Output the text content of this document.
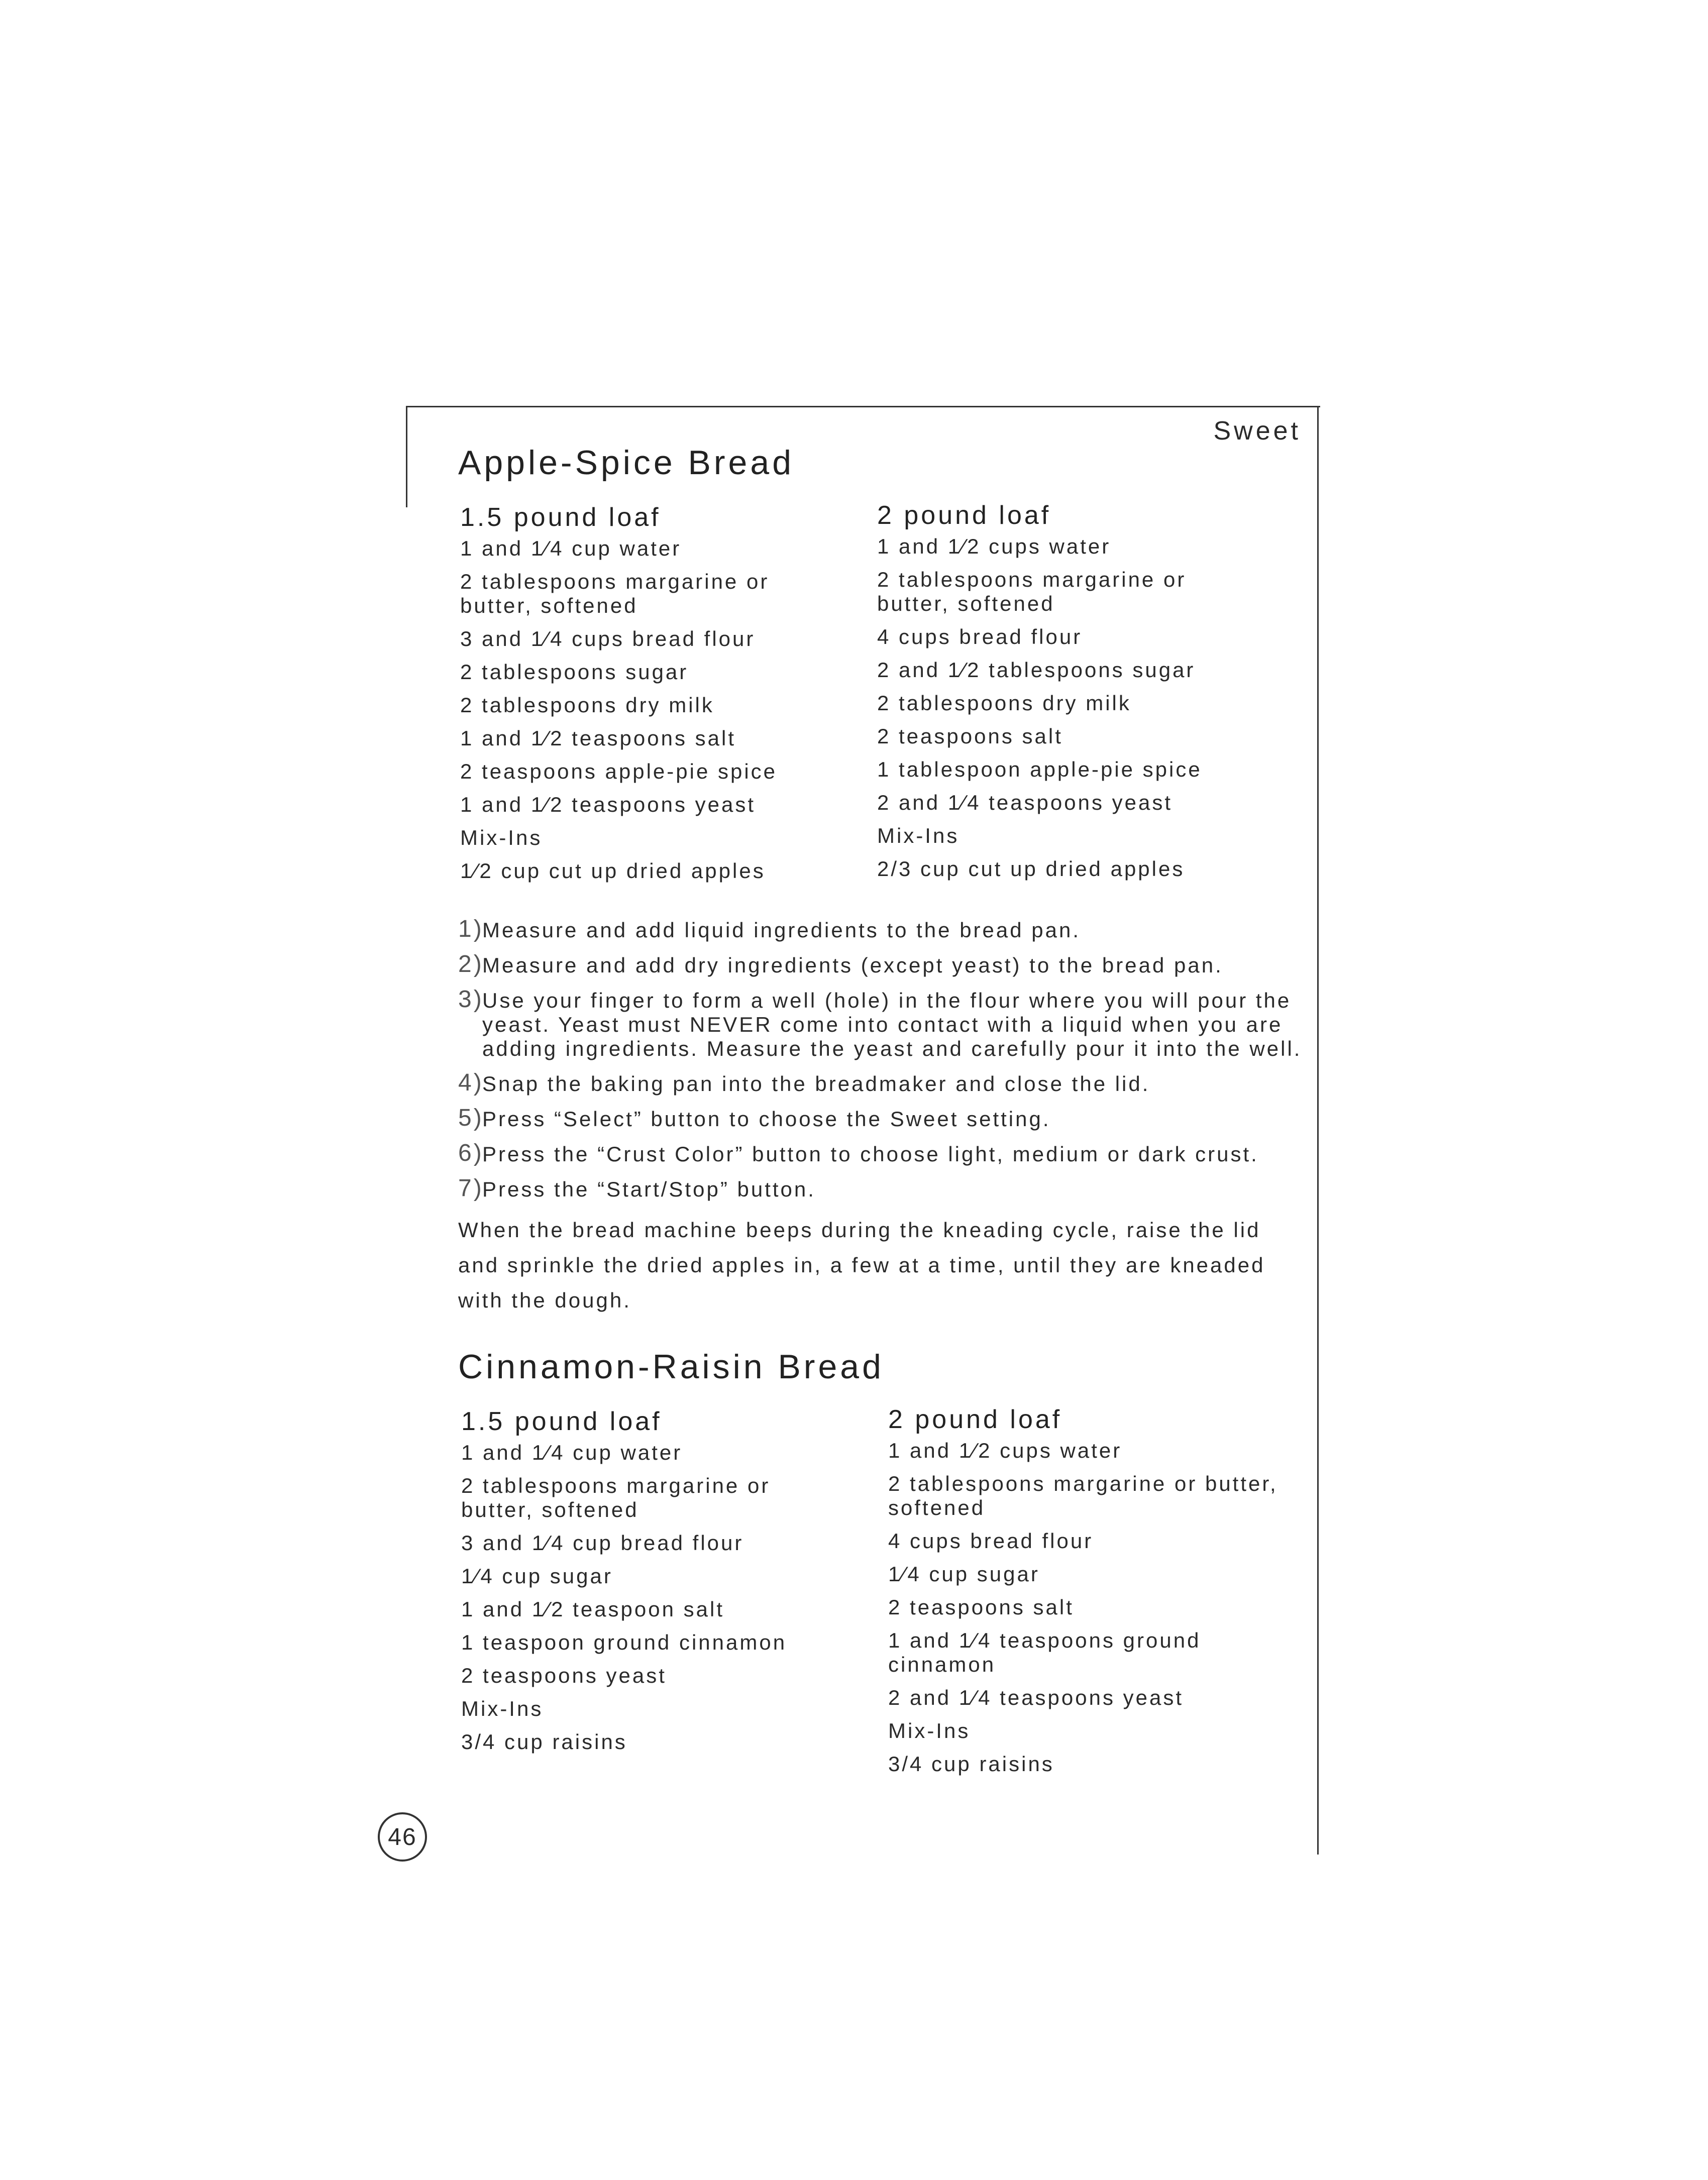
Sweet
Apple-Spice Bread
1.5 pound loaf
1 and 1⁄4 cup water
2 tablespoons margarine or butter, softened
3 and 1⁄4 cups bread flour
2 tablespoons sugar
2 tablespoons dry milk
1 and 1⁄2 teaspoons salt
2 teaspoons apple-pie spice
1 and 1⁄2 teaspoons yeast
Mix-Ins
1⁄2 cup cut up dried apples
2 pound loaf
1 and 1⁄2 cups water
2 tablespoons margarine or butter, softened
4 cups bread flour
2 and 1⁄2 tablespoons sugar
2 tablespoons dry milk
2 teaspoons salt
1 tablespoon apple-pie spice
2 and 1⁄4 teaspoons yeast
Mix-Ins
2/3 cup cut up dried apples
1)
Measure and add liquid ingredients to the bread pan.
2)
Measure and add dry ingredients (except yeast) to the bread pan.
3)
Use your finger to form a well (hole) in the flour where you will pour the yeast. Yeast must NEVER come into contact with a liquid when you are adding ingredients. Measure the yeast and carefully pour it into the well.
4)
Snap the baking pan into the breadmaker and close the lid.
5)
Press “Select” button to choose the Sweet setting.
6)
Press the “Crust Color” button to choose light, medium or dark crust.
7)
Press the “Start/Stop” button.
When the bread machine beeps during the kneading cycle, raise the lid and sprinkle the dried apples in, a few at a time, until they are kneaded with the dough.
Cinnamon-Raisin Bread
1.5 pound loaf
1 and 1⁄4 cup water
2 tablespoons margarine or butter, softened
3 and 1⁄4 cup bread flour
1⁄4 cup sugar
1 and 1⁄2 teaspoon salt
1 teaspoon ground cinnamon
2 teaspoons yeast
Mix-Ins
3/4 cup raisins
2 pound loaf
1 and 1⁄2 cups water
2 tablespoons margarine or butter, softened
4 cups bread flour
1⁄4 cup sugar
2 teaspoons salt
1 and 1⁄4 teaspoons ground cinnamon
2 and 1⁄4 teaspoons yeast
Mix-Ins
3/4 cup raisins
46
